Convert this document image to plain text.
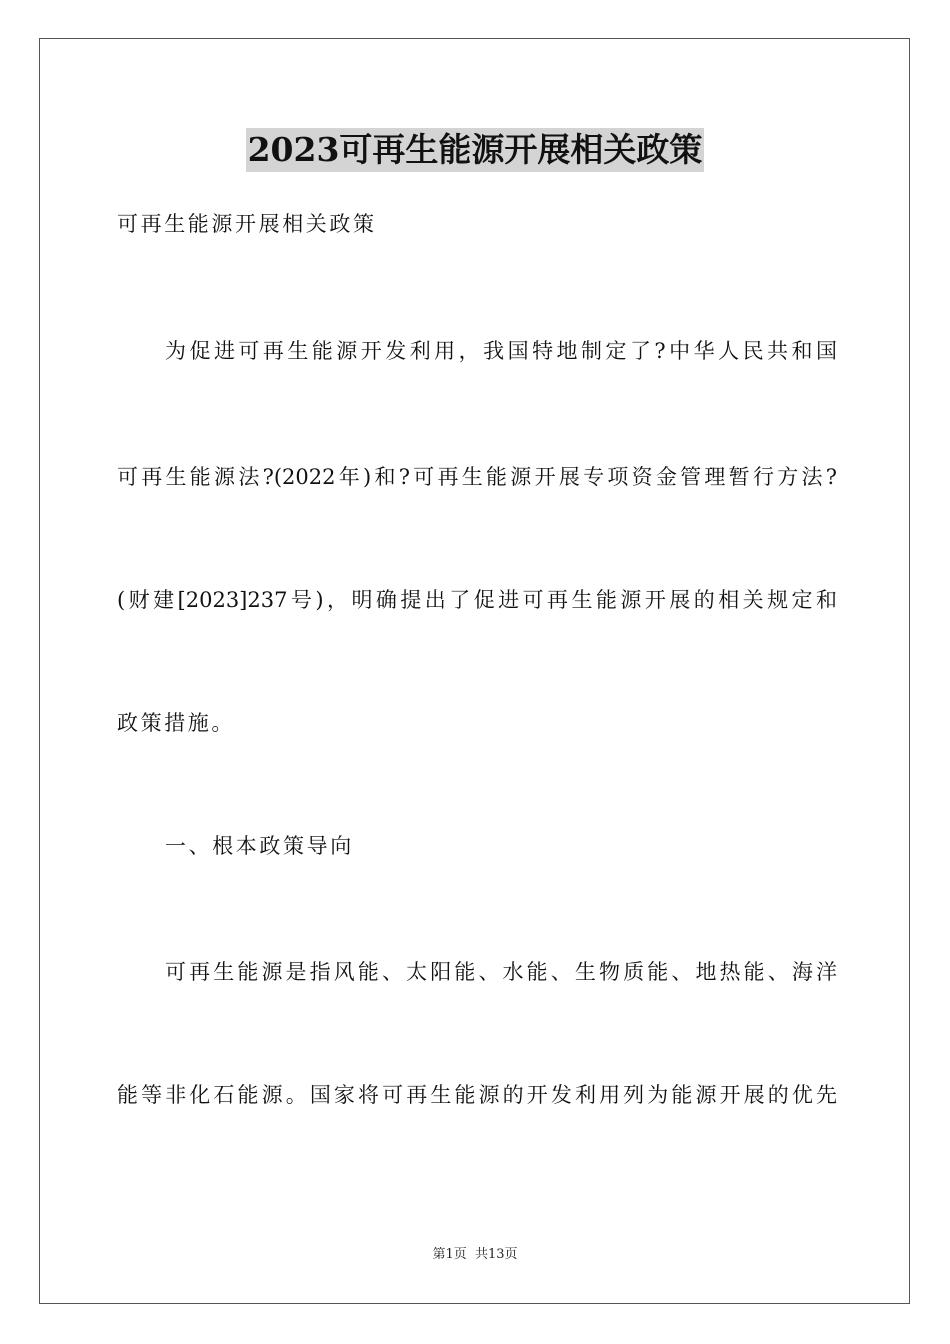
2023可再生能源开展相关政策
可再生能源开展相关政策
为促进可再生能源开发利用，我国特地制定了?中华人民共和国
可再生能源法?(2022年)和?可再生能源开展专项资金管理暂行方法?
(财建[2023]237号)，明确提出了促进可再生能源开展的相关规定和
政策措施。
一、根本政策导向
可再生能源是指风能、太阳能、水能、生物质能、地热能、海洋
能等非化石能源。国家将可再生能源的开发利用列为能源开展的优先
第1页 共13页
